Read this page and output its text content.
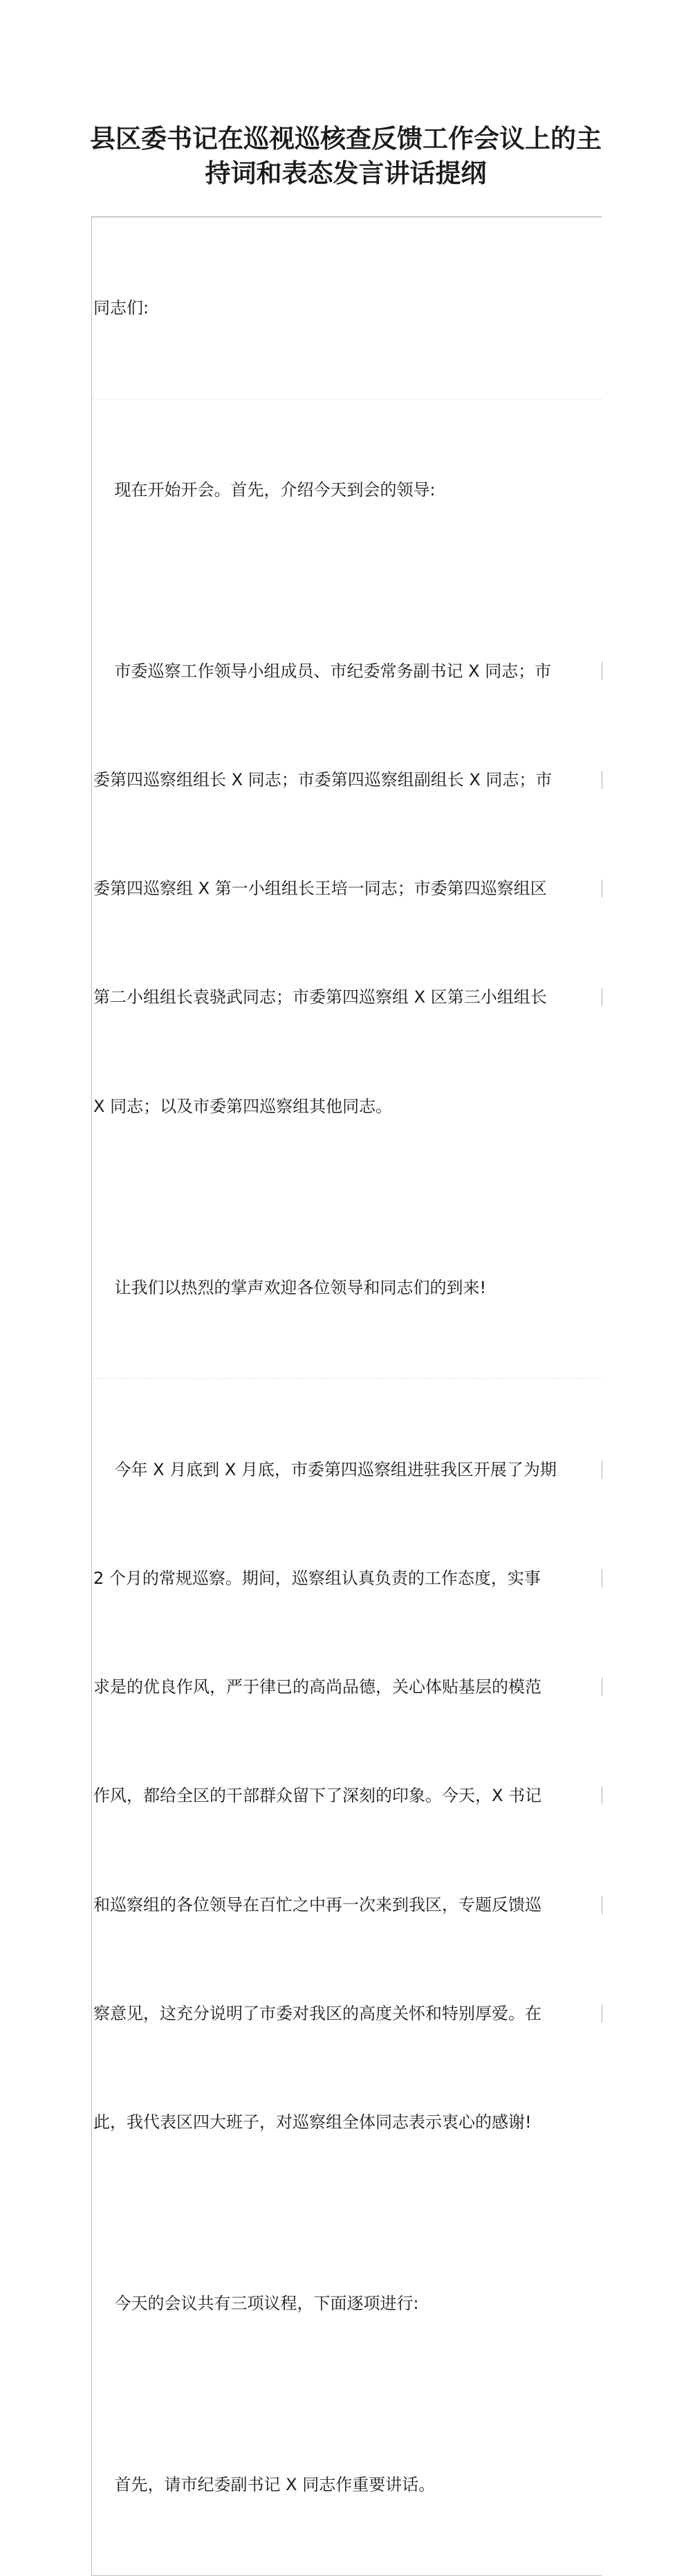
县区委书记在巡视巡核查反馈工作会议上的主
持词和表态发言讲话提纲

同志们:

现在开始开会。首先，介绍今天到会的领导:

市委巡察工作领导小组成员、市纪委常务副书记 X 同志；市

委第四巡察组组长 X 同志；市委第四巡察组副组长 X 同志；市

委第四巡察组 X 第一小组组长王培一同志；市委第四巡察组区

第二小组组长袁骁武同志；市委第四巡察组 X 区第三小组组长

X 同志；以及市委第四巡察组其他同志。

让我们以热烈的掌声欢迎各位领导和同志们的到来!

今年 X 月底到 X 月底，市委第四巡察组进驻我区开展了为期

2 个月的常规巡察。期间，巡察组认真负责的工作态度，实事

求是的优良作风，严于律已的高尚品德，关心体贴基层的模范

作风，都给全区的干部群众留下了深刻的印象。今天，X 书记

和巡察组的各位领导在百忙之中再一次来到我区，专题反馈巡

察意见，这充分说明了市委对我区的高度关怀和特别厚爱。在

此，我代表区四大班子，对巡察组全体同志表示衷心的感谢!

今天的会议共有三项议程，下面逐项进行:

首先，请市纪委副书记 X 同志作重要讲话。
